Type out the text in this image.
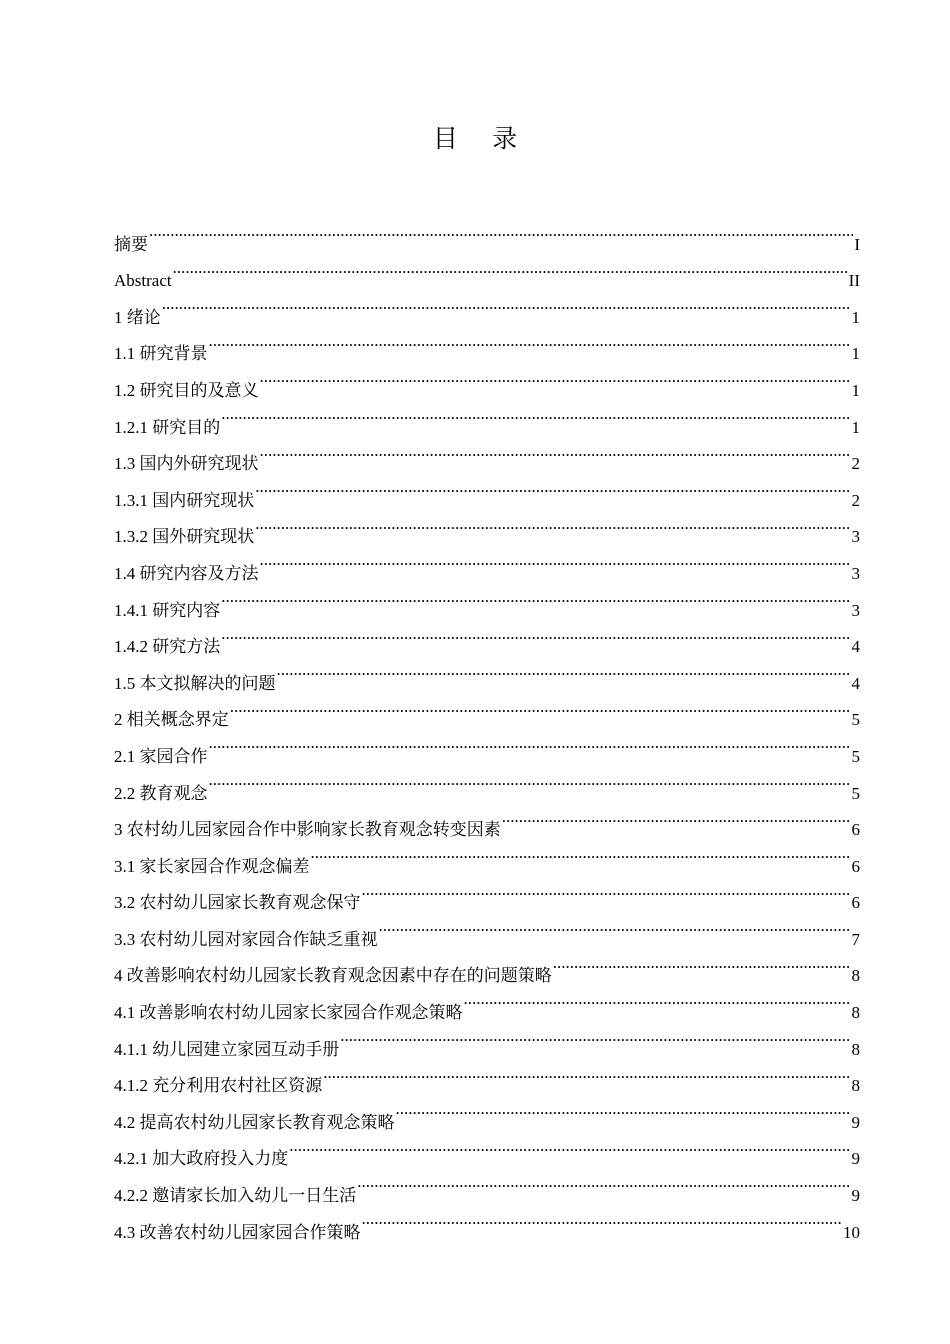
目 录
摘要 .....	I
Abstract .....	II
1 绪论 .....	1
1.1 研究背景 .....	1
1.2 研究目的及意义 .....	1
1.2.1 研究目的 .....	1
1.3 国内外研究现状 .....	2
1.3.1 国内研究现状 .....	2
1.3.2 国外研究现状 .....	3
1.4 研究内容及方法 .....	3
1.4.1 研究内容 .....	3
1.4.2 研究方法 .....	4
1.5 本文拟解决的问题 .....	4
2 相关概念界定 .....	5
2.1 家园合作 .....	5
2.2 教育观念 .....	5
3 农村幼儿园家园合作中影响家长教育观念转变因素 .....	6
3.1 家长家园合作观念偏差 .....	6
3.2 农村幼儿园家长教育观念保守 .....	6
3.3 农村幼儿园对家园合作缺乏重视 .....	7
4 改善影响农村幼儿园家长教育观念因素中存在的问题策略 .....	8
4.1 改善影响农村幼儿园家长家园合作观念策略 .....	8
4.1.1 幼儿园建立家园互动手册 .....	8
4.1.2 充分利用农村社区资源 .....	8
4.2 提高农村幼儿园家长教育观念策略 .....	9
4.2.1 加大政府投入力度 .....	9
4.2.2 邀请家长加入幼儿一日生活 .....	9
4.3 改善农村幼儿园家园合作策略 .....	10
